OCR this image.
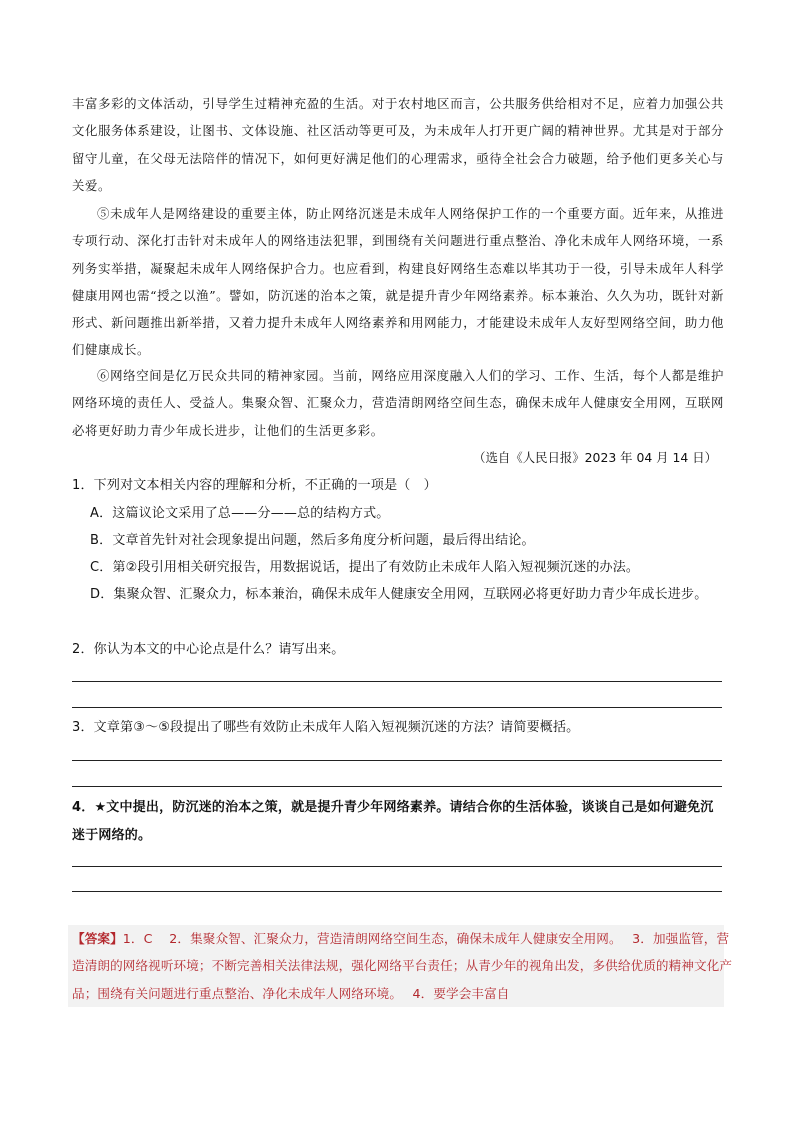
丰富多彩的文体活动，引导学生过精神充盈的生活。对于农村地区而言，公共服务供给相对不足，应着力加强公共文化服务体系建设，让图书、文体设施、社区活动等更可及，为未成年人打开更广阔的精神世界。尤其是对于部分留守儿童，在父母无法陪伴的情况下，如何更好满足他们的心理需求，亟待全社会合力破题，给予他们更多关心与关爱。

⑤未成年人是网络建设的重要主体，防止网络沉迷是未成年人网络保护工作的一个重要方面。近年来，从推进专项行动、深化打击针对未成年人的网络违法犯罪，到围绕有关问题进行重点整治、净化未成年人网络环境，一系列务实举措，凝聚起未成年人网络保护合力。也应看到，构建良好网络生态难以毕其功于一役，引导未成年人科学健康用网也需“授之以渔”。譬如，防沉迷的治本之策，就是提升青少年网络素养。标本兼治、久久为功，既针对新形式、新问题推出新举措，又着力提升未成年人网络素养和用网能力，才能建设未成年人友好型网络空间，助力他们健康成长。

⑥网络空间是亿万民众共同的精神家园。当前，网络应用深度融入人们的学习、工作、生活，每个人都是维护网络环境的责任人、受益人。集聚众智、汇聚众力，营造清朗网络空间生态，确保未成年人健康安全用网，互联网必将更好助力青少年成长进步，让他们的生活更多彩。

（选自《人民日报》2023 年 04 月 14 日）

1．下列对文本相关内容的理解和分析，不正确的一项是（　）

A．这篇议论文采用了总——分——总的结构方式。

B．文章首先针对社会现象提出问题，然后多角度分析问题，最后得出结论。

C．第②段引用相关研究报告，用数据说话，提出了有效防止未成年人陷入短视频沉迷的办法。

D．集聚众智、汇聚众力，标本兼治，确保未成年人健康安全用网，互联网必将更好助力青少年成长进步。

2．你认为本文的中心论点是什么？请写出来。

3．文章第③～⑤段提出了哪些有效防止未成年人陷入短视频沉迷的方法？请简要概括。

4．★文中提出，防沉迷的治本之策，就是提升青少年网络素养。请结合你的生活体验，谈谈自己是如何避免沉迷于网络的。

【答案】1．C　 2．集聚众智、汇聚众力，营造清朗网络空间生态，确保未成年人健康安全用网。　 3．加强监管，营造清朗的网络视听环境；不断完善相关法律法规，强化网络平台责任；从青少年的视角出发，多供给优质的精神文化产品；围绕有关问题进行重点整治、净化未成年人网络环境。　 4．要学会丰富自
